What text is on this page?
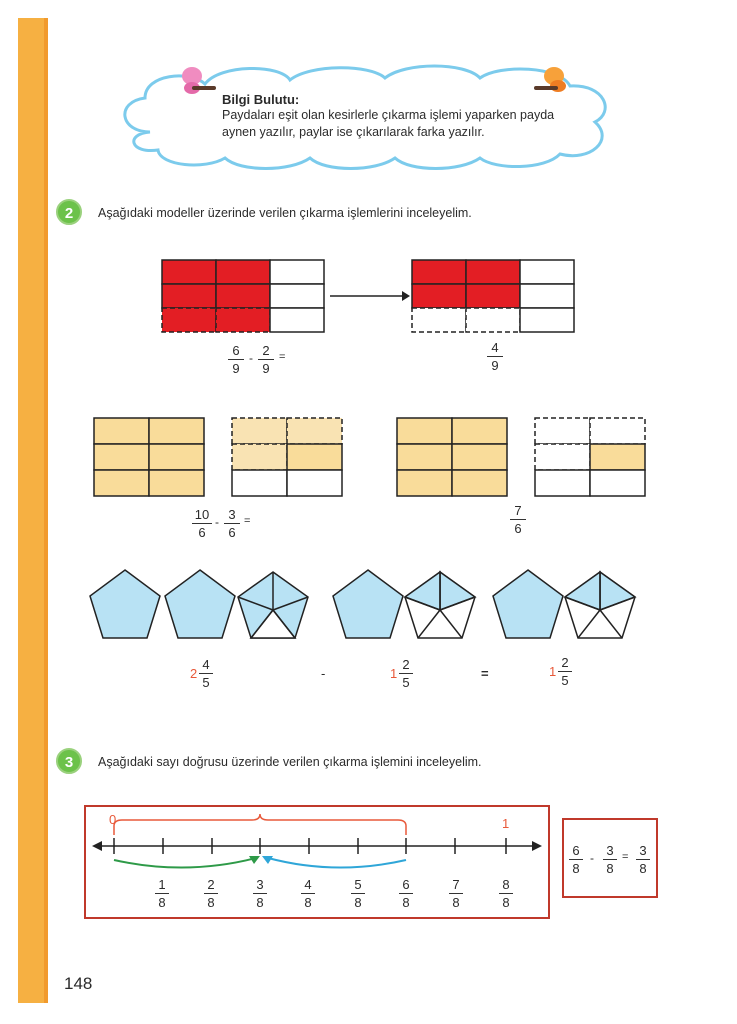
Bilgi Bulutu:
Paydaları eşit olan kesirlerle çıkarma işlemi yaparken payda
aynen yazılır, paylar ise çıkarılarak farka yazılır.
2	Aşağıdaki modeller üzerinde verilen çıkarma işlemlerini inceleyelim.
6
9
- 2
9
=
4
9
10
6
- 3
6
=
7
6
2
4
5
-	1
2
5
=	1
2
5
3	Aşağıdaki sayı doğrusu üzerinde verilen çıkarma işlemini inceleyelim.
0	1
1
8
2
8
3
8
4
8
5
8
6
8
7
8
8
8
6
8
- 3
8
= 3
8
148
